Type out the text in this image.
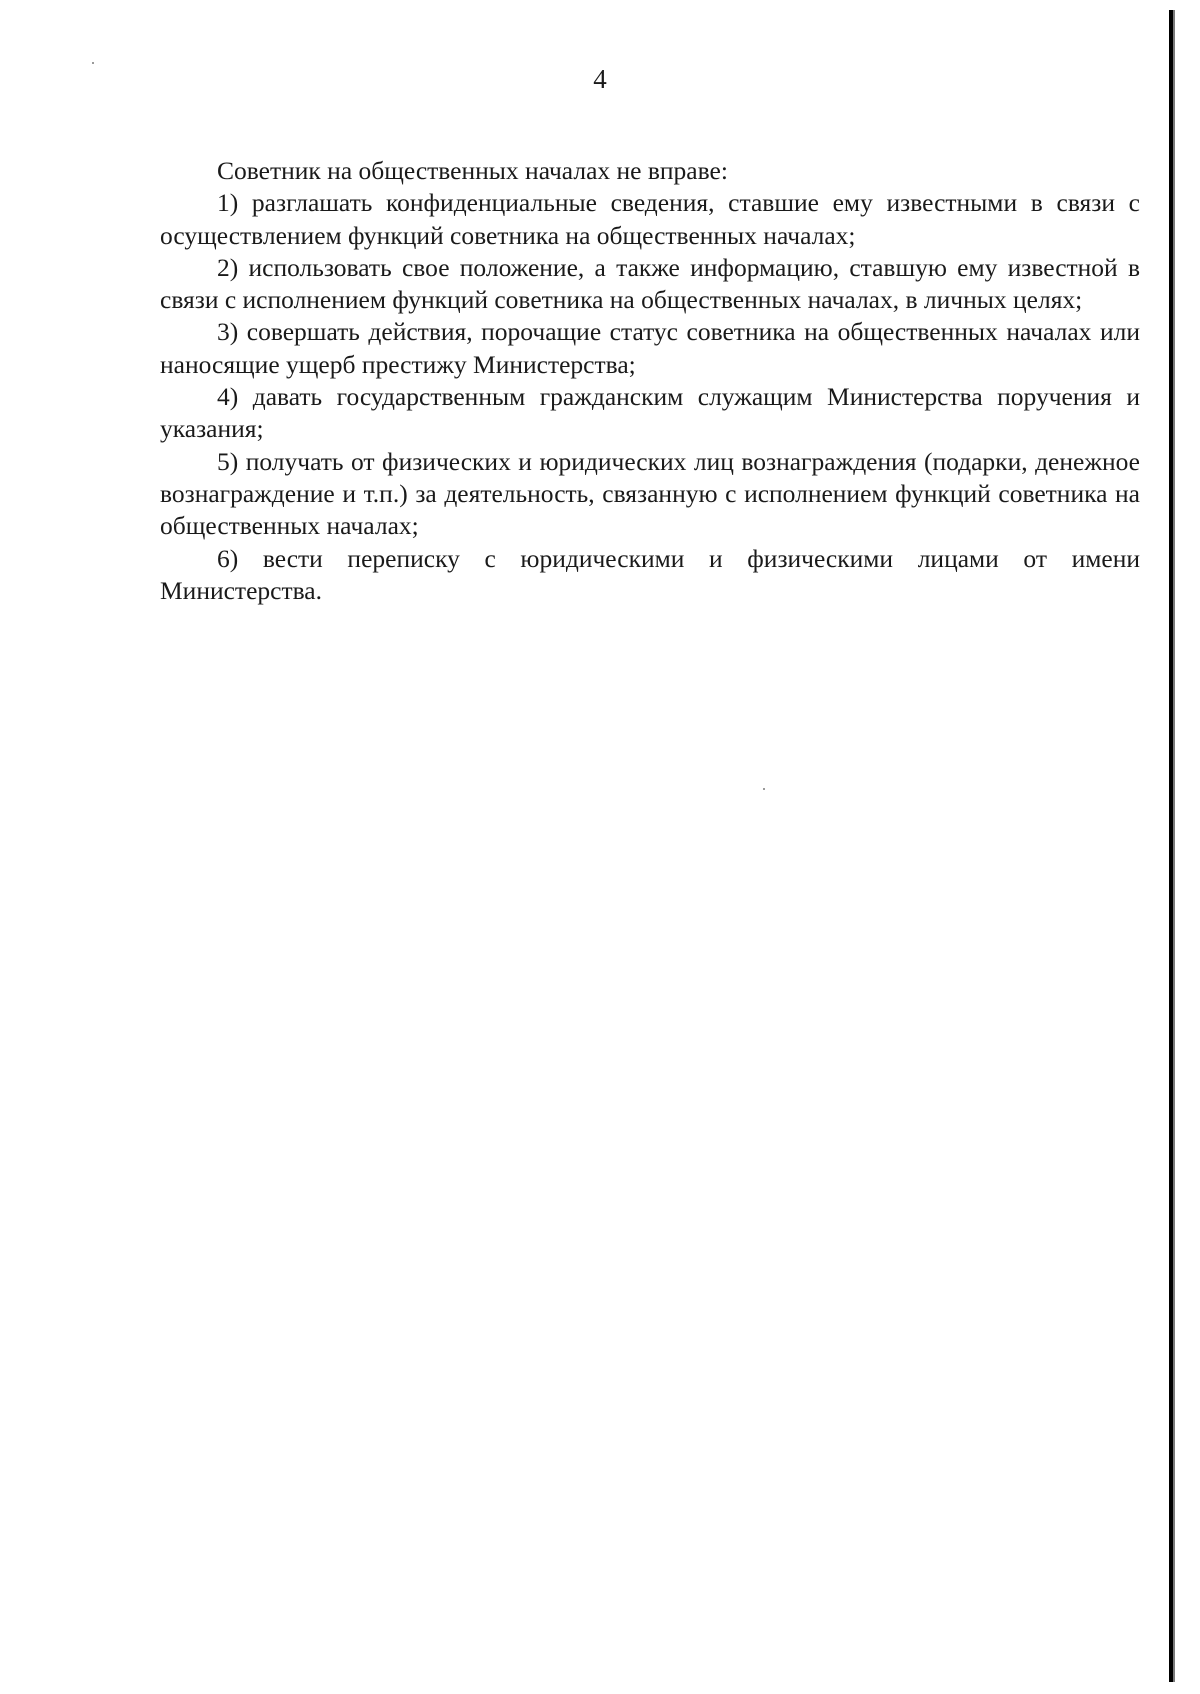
4

Советник на общественных началах не вправе:

1) разглашать конфиденциальные сведения, ставшие ему известными в связи с осуществлением функций советника на общественных началах;

2) использовать свое положение, а также информацию, ставшую ему известной в связи с исполнением функций советника на общественных началах, в личных целях;

3) совершать действия, порочащие статус советника на общественных началах или наносящие ущерб престижу Министерства;

4) давать государственным гражданским служащим Министерства поручения и указания;

5) получать от физических и юридических лиц вознаграждения (подарки, денежное вознаграждение и т.п.) за деятельность, связанную с исполнением функций советника на общественных началах;

6) вести переписку с юридическими и физическими лицами от имени Министерства.
